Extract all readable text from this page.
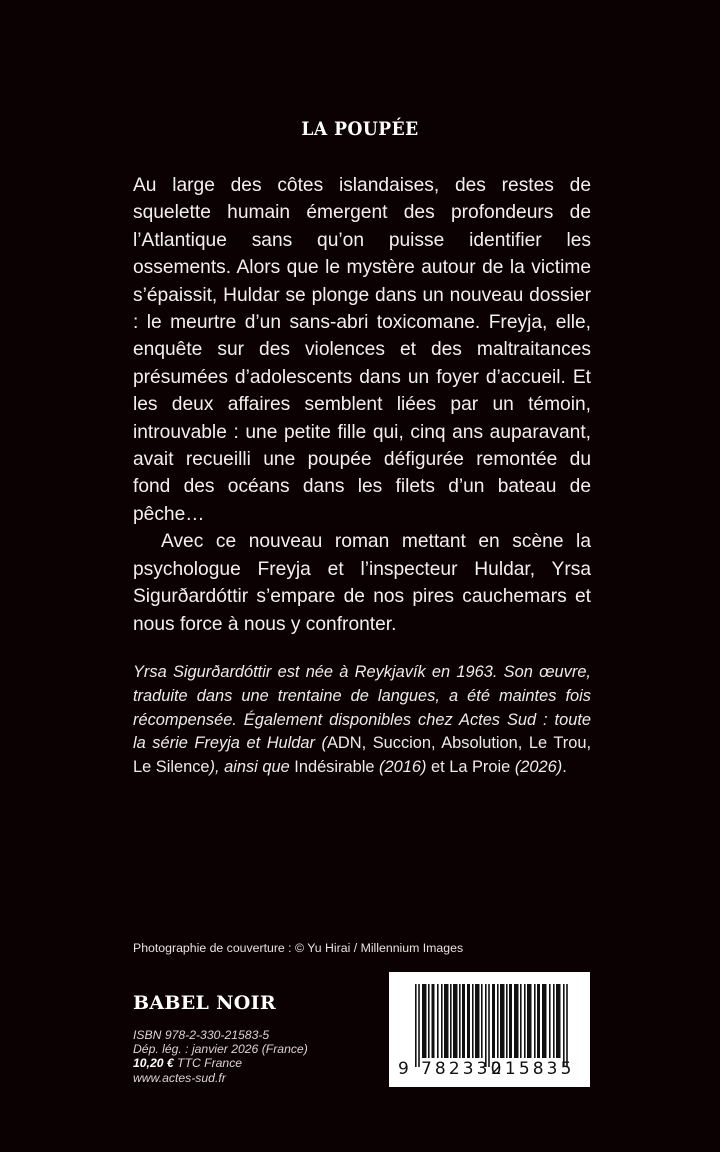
LA POUPÉE

Au large des côtes islandaises, des restes de squelette humain émergent des profondeurs de l’Atlantique sans qu’on puisse identifier les ossements. Alors que le mystère autour de la victime s’épaissit, Huldar se plonge dans un nouveau dossier : le meurtre d’un sans-abri toxicomane. Freyja, elle, enquête sur des violences et des maltraitances présumées d’adolescents dans un foyer d’accueil. Et les deux affaires semblent liées par un témoin, introuvable : une petite fille qui, cinq ans auparavant, avait recueilli une poupée défigurée remontée du fond des océans dans les filets d’un bateau de pêche…

Avec ce nouveau roman mettant en scène la psychologue Freyja et l’inspecteur Huldar, Yrsa Sigurðardóttir s’empare de nos pires cauchemars et nous force à nous y confronter.

Yrsa Sigurðardóttir est née à Reykjavík en 1963. Son œuvre, traduite dans une trentaine de langues, a été maintes fois récompensée. Également disponibles chez Actes Sud : toute la série Freyja et Huldar (ADN, Succion, Absolution, Le Trou, Le Silence), ainsi que Indésirable (2016) et La Proie (2026).
Photographie de couverture : © Yu Hirai / Millennium Images
BABEL NOIR
ISBN 978-2-330-21583-5
Dép. lég. : janvier 2026 (France)
10,20 € TTC France
www.actes-sud.fr	9 782330
215835
